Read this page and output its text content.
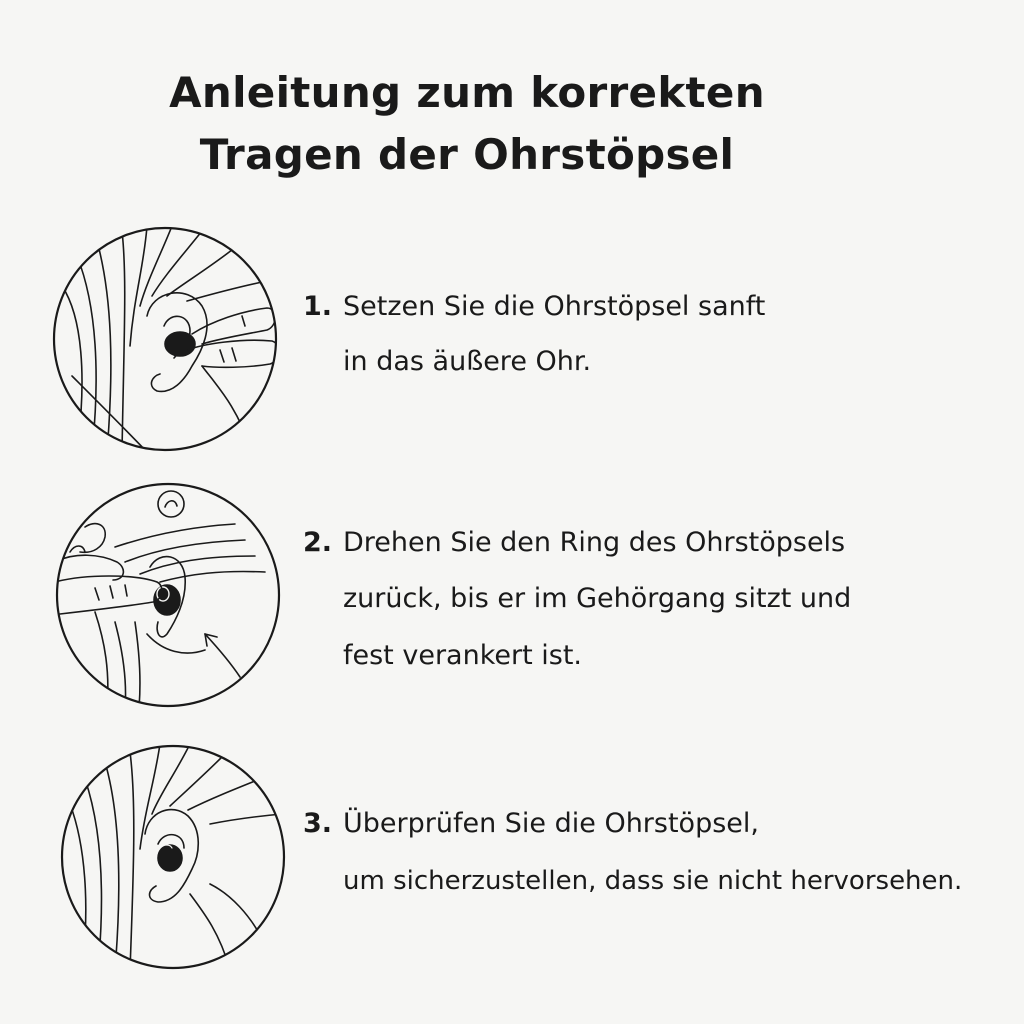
Anleitung zum korrekten
Tragen der Ohrstöpsel
1. Setzen Sie die Ohrstöpsel sanft
in das äußere Ohr.
2. Drehen Sie den Ring des Ohrstöpsels
zurück, bis er im Gehörgang sitzt und
fest verankert ist.
3. Überprüfen Sie die Ohrstöpsel,
um sicherzustellen, dass sie nicht hervorsehen.
